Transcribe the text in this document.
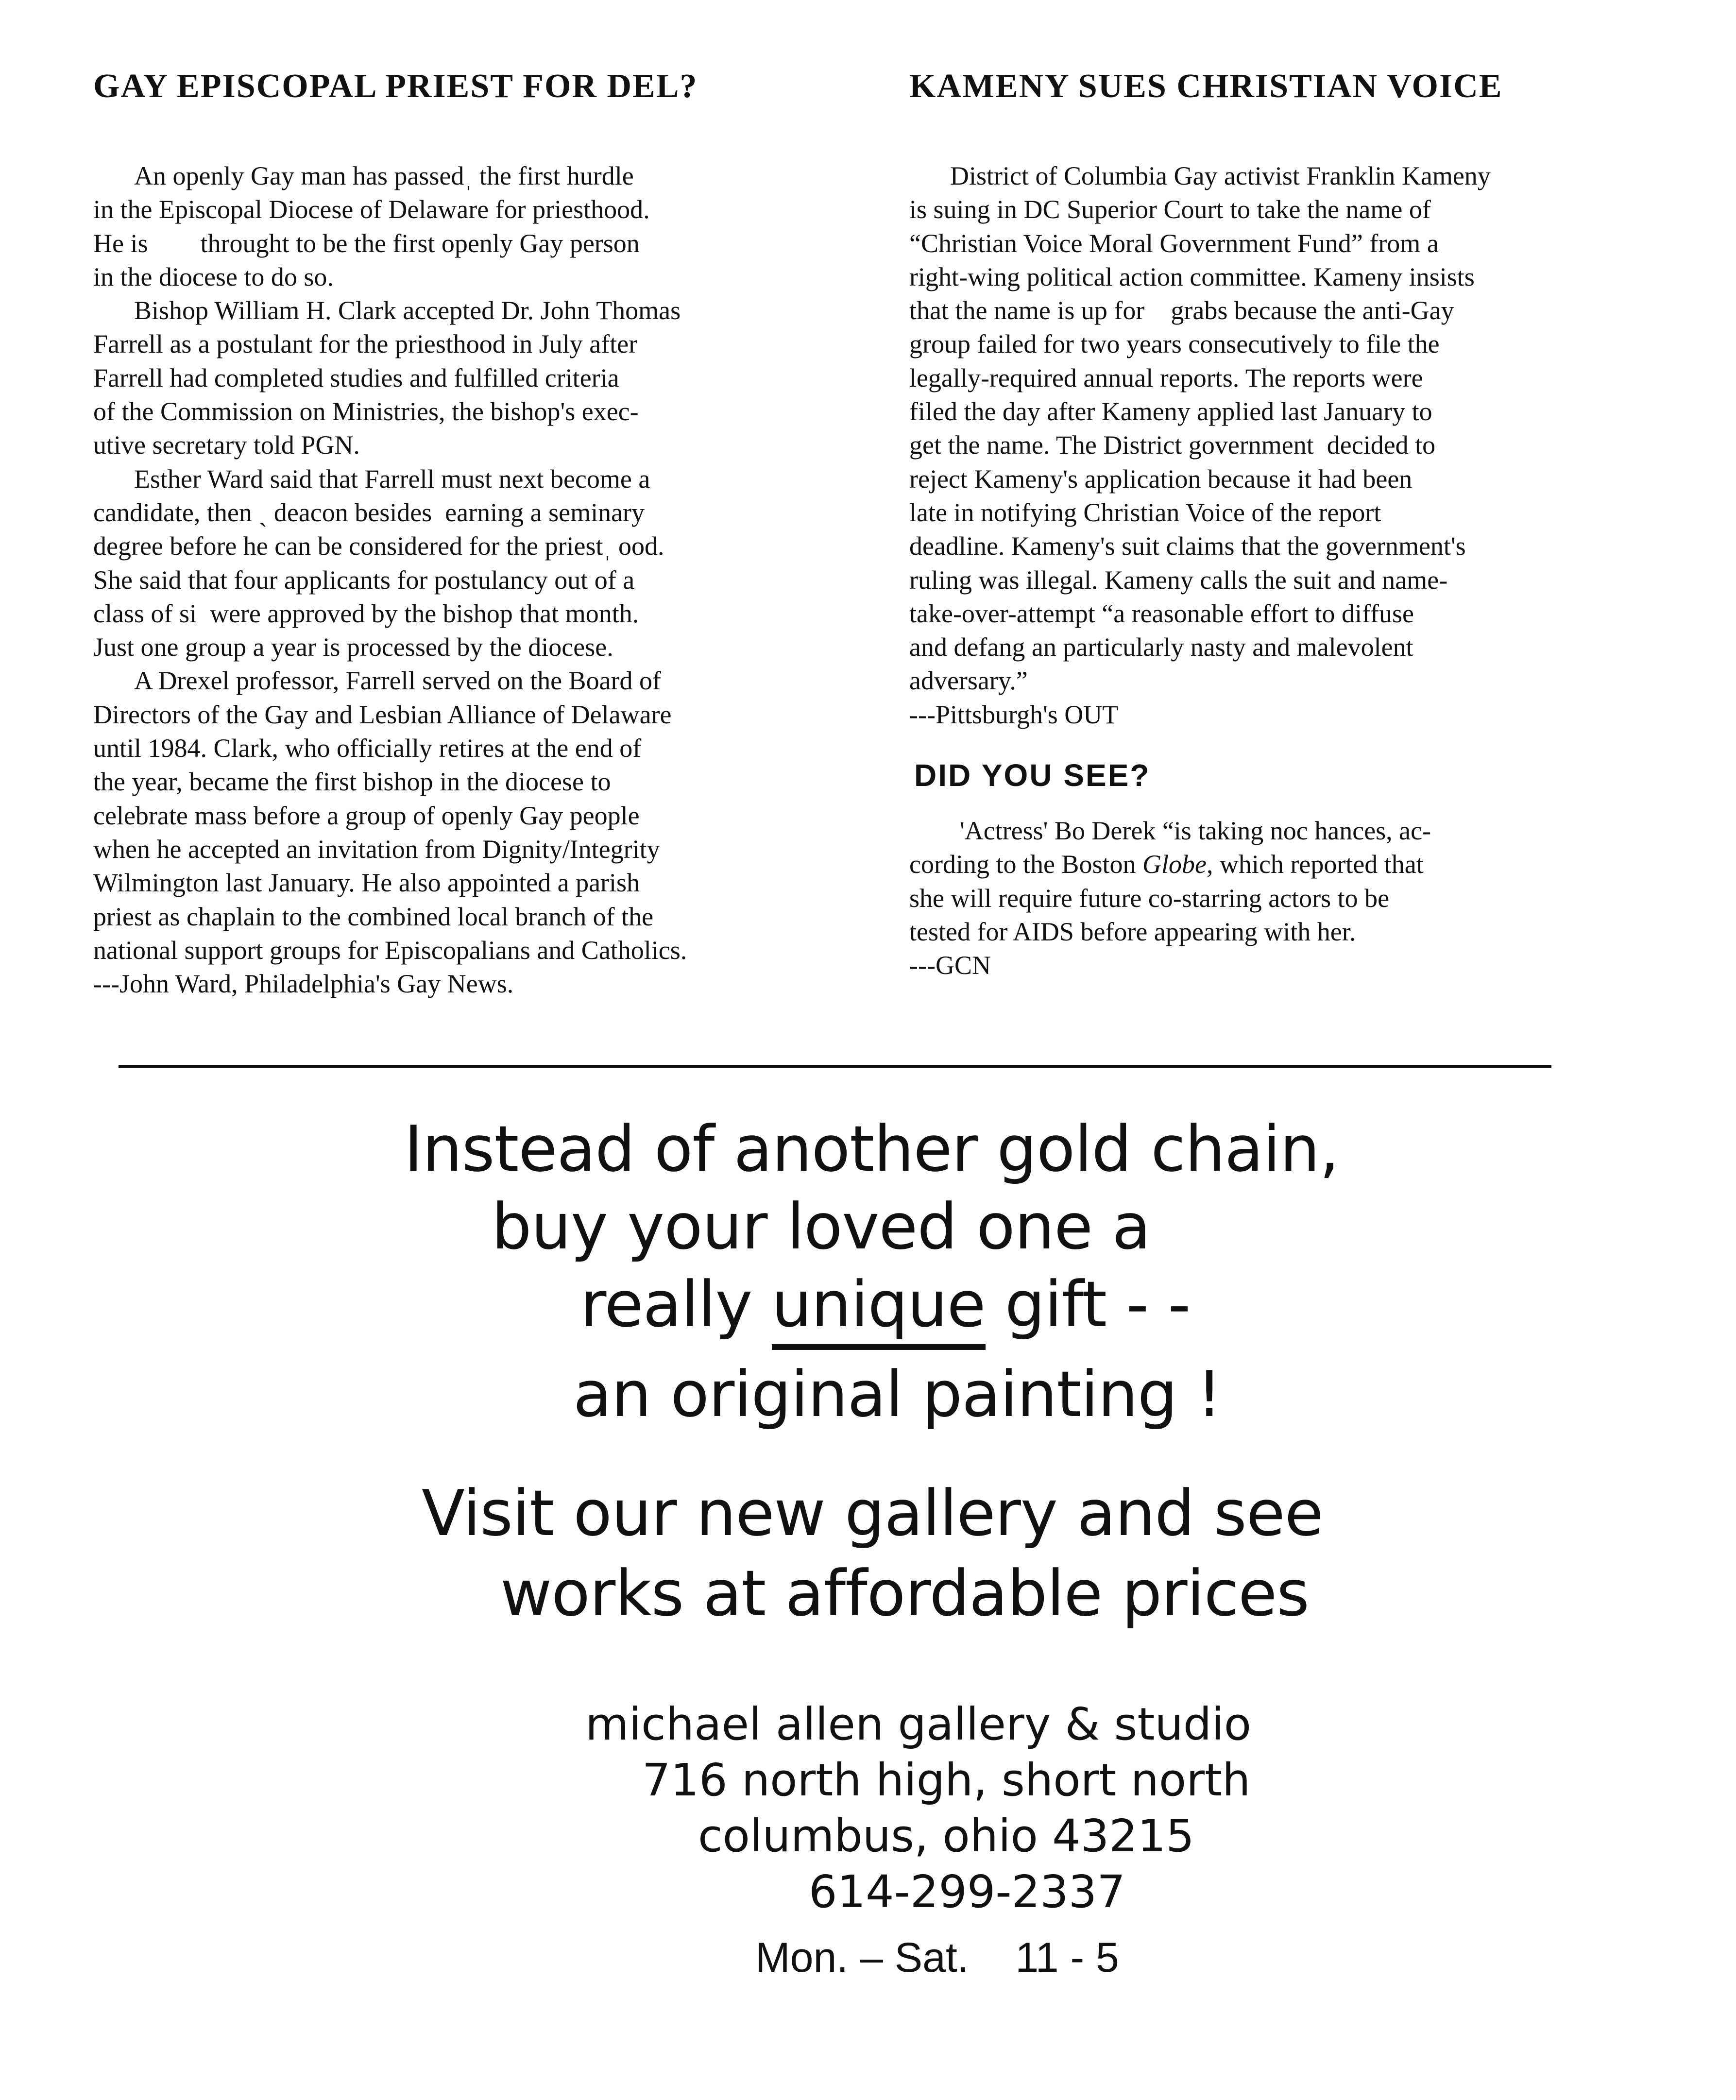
GAY EPISCOPAL PRIEST FOR DEL?

An openly Gay man has passedˌ the first hurdle
in the Episcopal Diocese of Delaware for priesthood.
He is        throught to be the first openly Gay person
in the diocese to do so.
Bishop William H. Clark accepted Dr. John Thomas
Farrell as a postulant for the priesthood in July after
Farrell had completed studies and fulfilled criteria
of the Commission on Ministries, the bishop's exec-
utive secretary told PGN.
Esther Ward said that Farrell must next become a
candidate, then ˎ deacon besides  earning a seminary
degree before he can be considered for the priestˌ ood.
She said that four applicants for postulancy out of a
class of si  were approved by the bishop that month.
Just one group a year is processed by the diocese.
A Drexel professor, Farrell served on the Board of
Directors of the Gay and Lesbian Alliance of Delaware
until 1984. Clark, who officially retires at the end of
the year, became the first bishop in the diocese to
celebrate mass before a group of openly Gay people
when he accepted an invitation from Dignity/Integrity
Wilmington last January. He also appointed a parish
priest as chaplain to the combined local branch of the
national support groups for Episcopalians and Catholics.
---John Ward, Philadelphia's Gay News.

KAMENY SUES CHRISTIAN VOICE

District of Columbia Gay activist Franklin Kameny
is suing in DC Superior Court to take the name of
“Christian Voice Moral Government Fund” from a
right-wing political action committee. Kameny insists
that the name is up for    grabs because the anti-Gay
group failed for two years consecutively to file the
legally-required annual reports. The reports were
filed the day after Kameny applied last January to
get the name. The District government  decided to
reject Kameny's application because it had been
late in notifying Christian Voice of the report
deadline. Kameny's suit claims that the government's
ruling was illegal. Kameny calls the suit and name-
take-over-attempt “a reasonable effort to diffuse
and defang an particularly nasty and malevolent
adversary.”
---Pittsburgh's OUT

DID YOU SEE?

'Actress' Bo Derek “is taking noc hances, ac-
cording to the Boston Globe, which reported that
she will require future co-starring actors to be
tested for AIDS before appearing with her.
---GCN

Instead of another gold chain,
buy your loved one a
really unique gift - -
an original painting !
Visit our new gallery and see
works at affordable prices
michael allen gallery & studio
716 north high, short north
columbus, ohio 43215
614-299-2337
Mon. – Sat.    11 - 5
